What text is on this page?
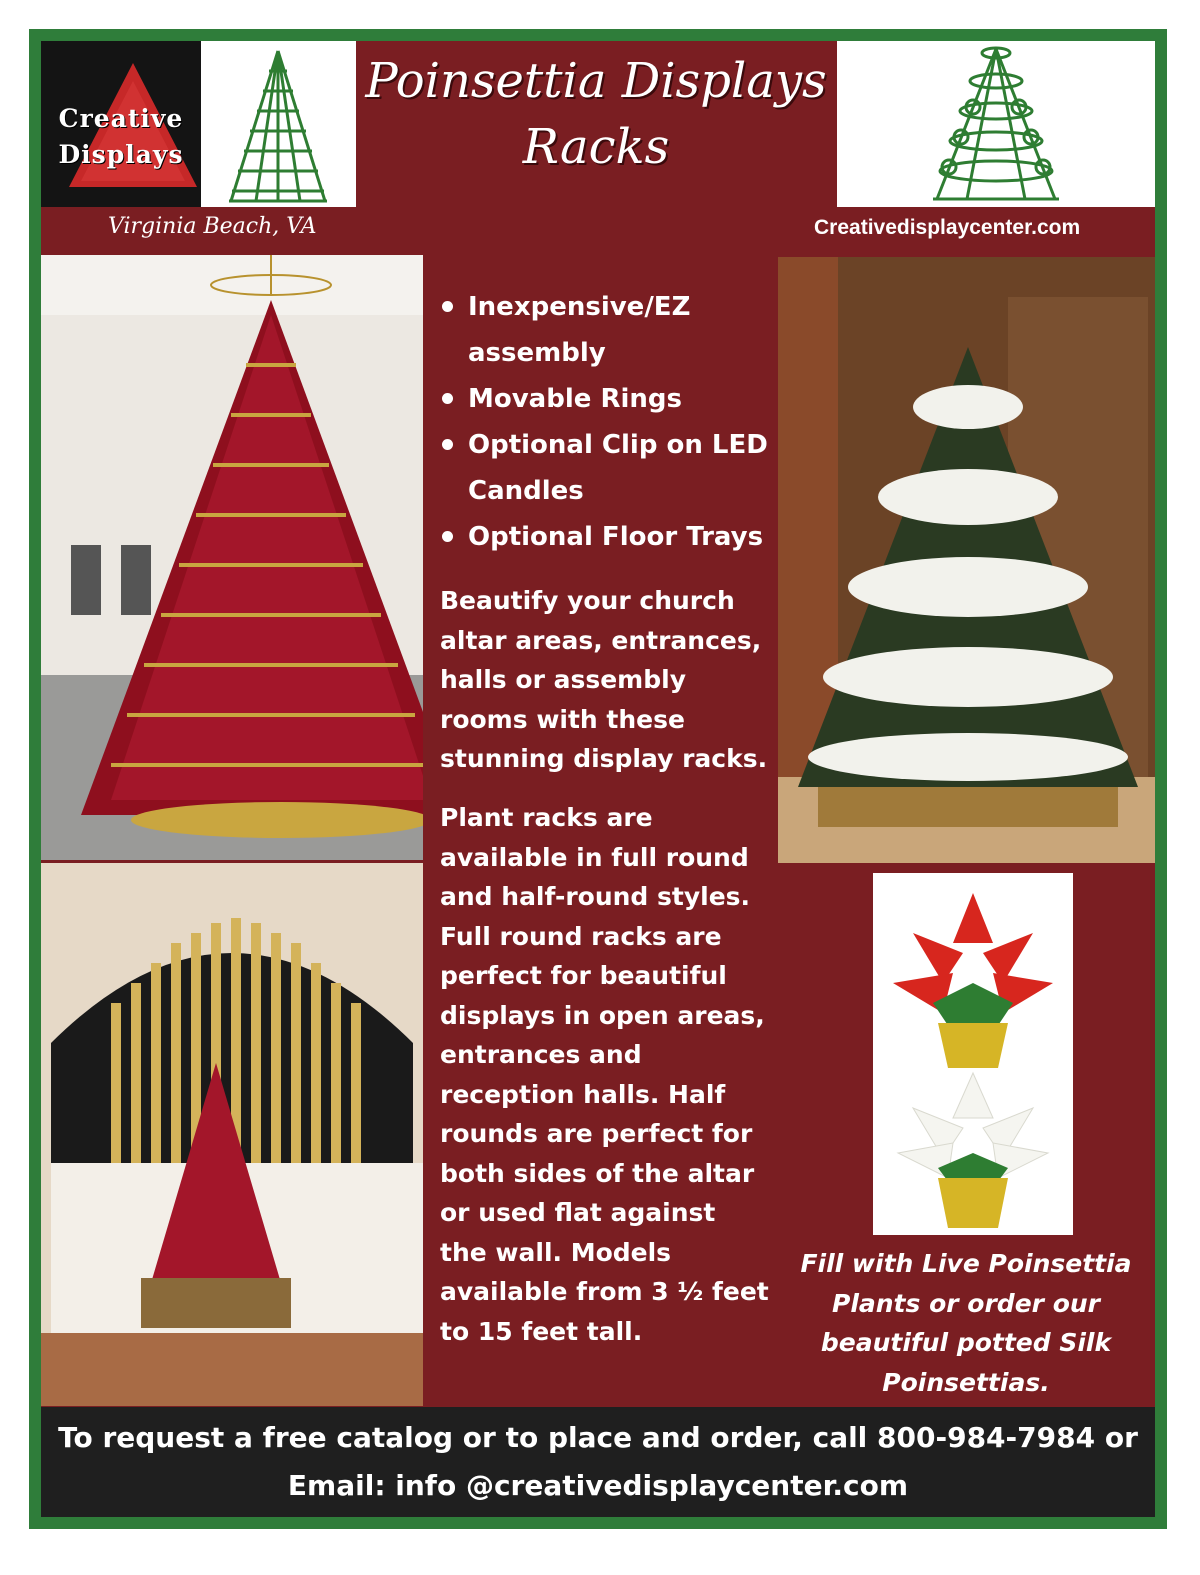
Creative
Displays
Poinsettia Displays
Racks
Virginia Beach, VA	Creativedisplaycenter.com
Inexpensive/EZ assembly
Movable Rings
Optional Clip on LED Candles
Optional Floor Trays

Beautify your church altar areas, entrances, halls or assembly rooms with these stunning display racks.

Plant racks are available in full round and half-round styles. Full round racks are perfect for beautiful displays in open areas, entrances and reception halls. Half rounds are perfect for both sides of the altar or used flat against the wall. Models available from 3 ½ feet to 15 feet tall.

Fill with Live Poinsettia Plants or order our beautiful potted Silk Poinsettias.
To request a free catalog or to place and order, call 800-984-7984 or
Email: info @creativedisplaycenter.com
